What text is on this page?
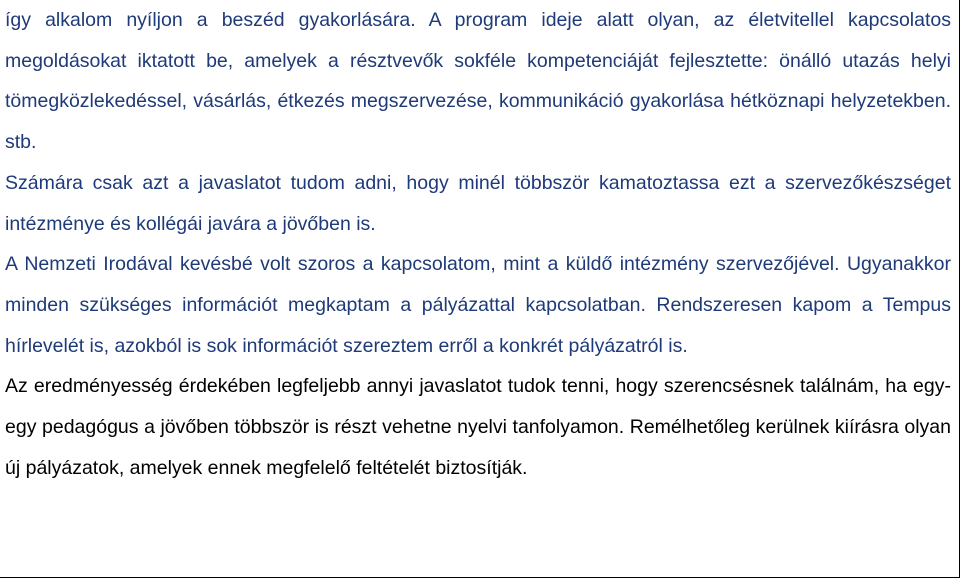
így alkalom nyíljon a beszéd gyakorlására. A program ideje alatt olyan, az életvitellel kapcsolatos megoldásokat iktatott be, amelyek a résztvevők sokféle kompetenciáját fejlesztette: önálló utazás helyi tömegközlekedéssel, vásárlás, étkezés megszervezése, kommunikáció gyakorlása hétköznapi helyzetekben. stb.

Számára csak azt a javaslatot tudom adni, hogy minél többször kamatoztassa ezt a szervezőkészséget intézménye és kollégái javára a jövőben is.

A Nemzeti Irodával kevésbé volt szoros a kapcsolatom, mint a küldő intézmény szervezőjével. Ugyanakkor minden szükséges információt megkaptam a pályázattal kapcsolatban. Rendszeresen kapom a Tempus hírlevelét is, azokból is sok információt szereztem erről a konkrét pályázatról is.

Az eredményesség érdekében legfeljebb annyi javaslatot tudok tenni, hogy szerencsésnek találnám, ha egy-egy pedagógus a jövőben többször is részt vehetne nyelvi tanfolyamon. Remélhetőleg kerülnek kiírásra olyan új pályázatok, amelyek ennek megfelelő feltételét biztosítják.
